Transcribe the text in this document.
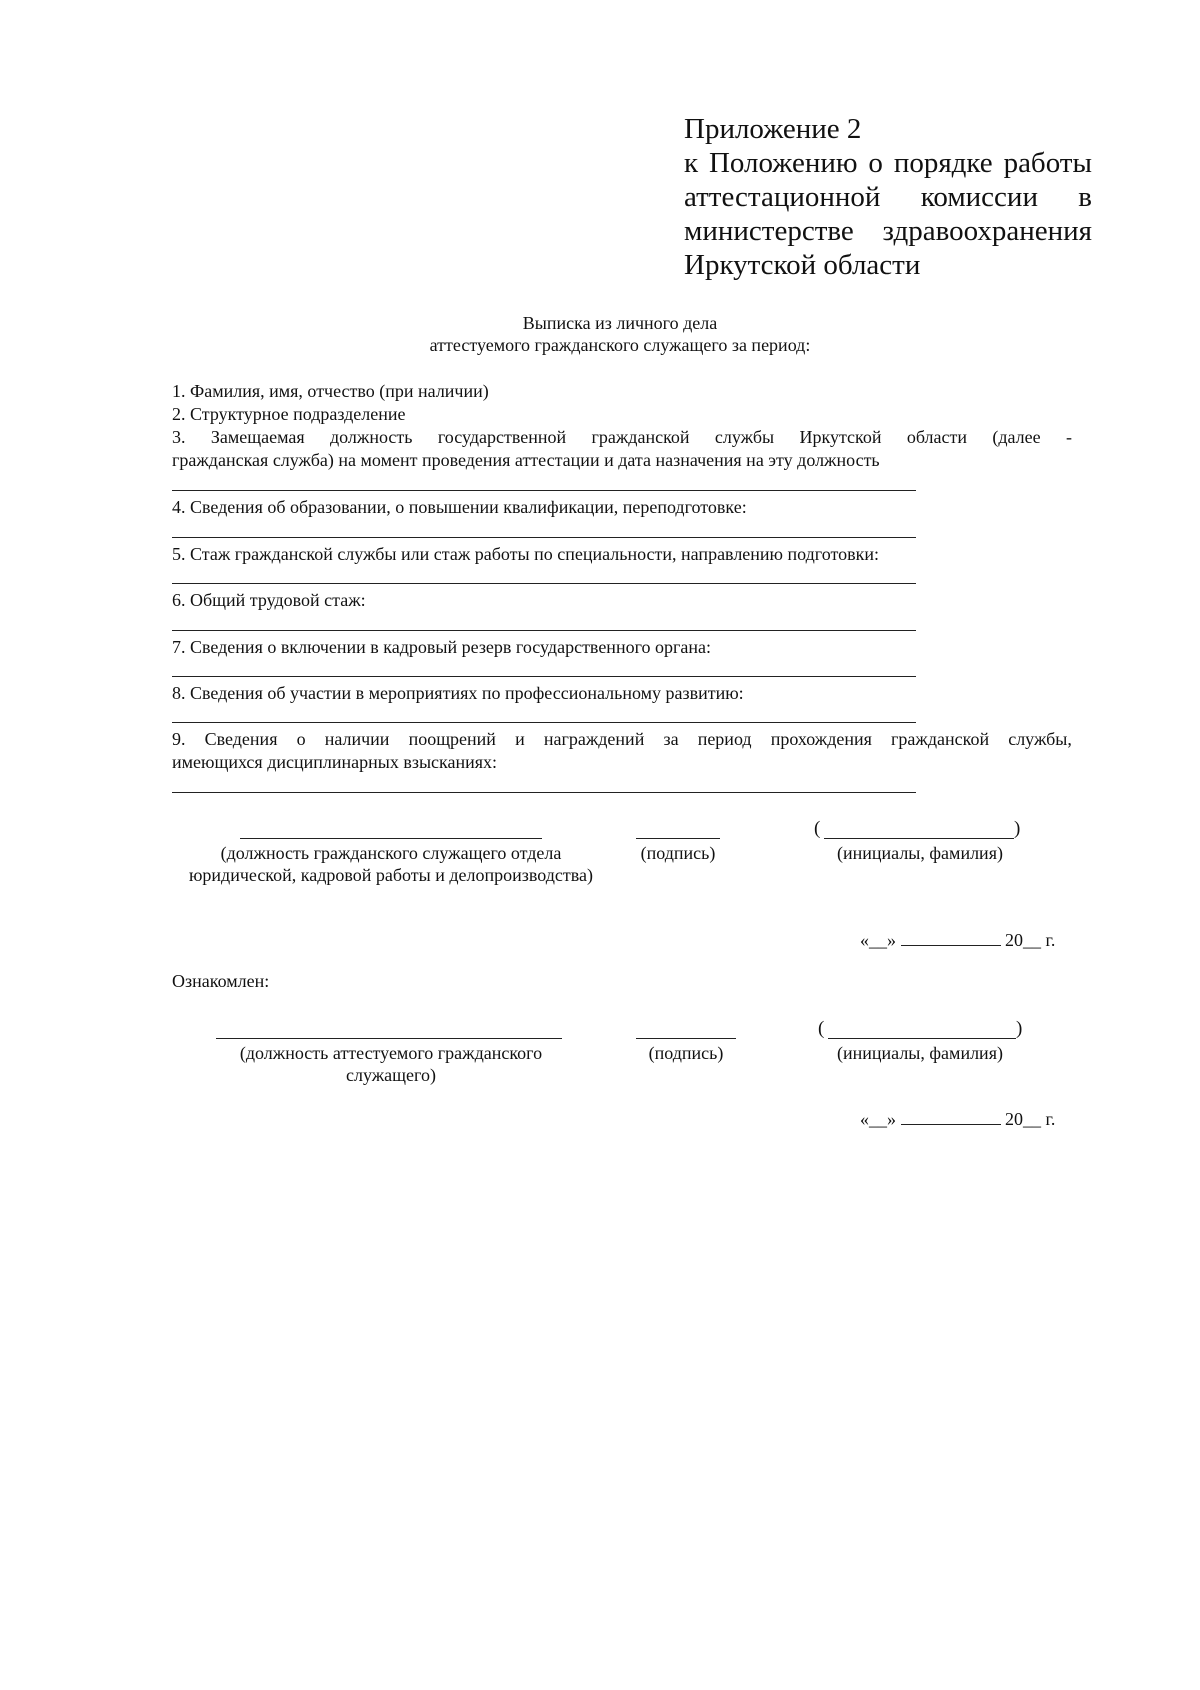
Приложение 2
к Положению о порядке работы
аттестационной комиссии в
министерстве здравоохранения
Иркутской области
Выписка из личного дела
аттестуемого гражданского служащего за период:
1. Фамилия, имя, отчество (при наличии)
2. Структурное подразделение
3. Замещаемая должность государственной гражданской службы Иркутской области (далее -
гражданская служба) на момент проведения аттестации и дата назначения на эту должность
4. Сведения об образовании, о повышении квалификации, переподготовке:
5. Стаж гражданской службы или стаж работы по специальности, направлению подготовки:
6. Общий трудовой стаж:
7. Сведения о включении в кадровый резерв государственного органа:
8. Сведения об участии в мероприятиях по профессиональному развитию:
9. Сведения о наличии поощрений и награждений за период прохождения гражданской службы,
имеющихся дисциплинарных взысканиях:
(	)
(должность гражданского служащего отдела юридической, кадровой работы и делопроизводства)
(подпись)	(инициалы, фамилия)
«__»	20__ г.
Ознакомлен:
(	)
(должность аттестуемого гражданского служащего)
(подпись)	(инициалы, фамилия)
«__»	20__ г.
